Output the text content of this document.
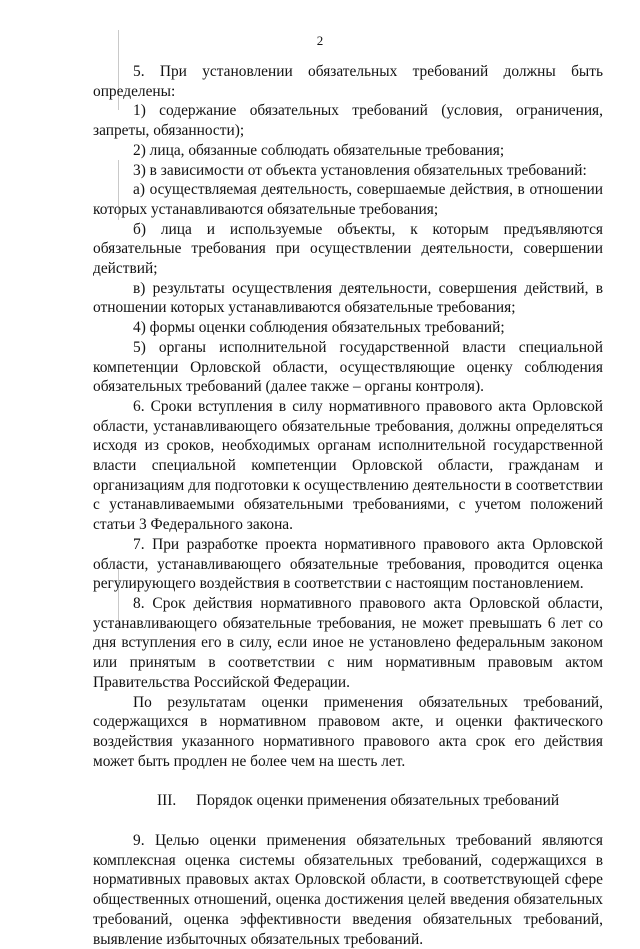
2

5. При установлении обязательных требований должны быть определены:

1) содержание обязательных требований (условия, ограничения, запреты, обязанности);

2) лица, обязанные соблюдать обязательные требования;

3) в зависимости от объекта установления обязательных требований:

а) осуществляемая деятельность, совершаемые действия, в отношении которых устанавливаются обязательные требования;

б) лица и используемые объекты, к которым предъявляются обязательные требования при осуществлении деятельности, совершении действий;

в) результаты осуществления деятельности, совершения действий, в отношении которых устанавливаются обязательные требования;

4) формы оценки соблюдения обязательных требований;

5) органы исполнительной государственной власти специальной компетенции Орловской области, осуществляющие оценку соблюдения обязательных требований (далее также – органы контроля).

6. Сроки вступления в силу нормативного правового акта Орловской области, устанавливающего обязательные требования, должны определяться исходя из сроков, необходимых органам исполнительной государственной власти специальной компетенции Орловской области, гражданам и организациям для подготовки к осуществлению деятельности в соответствии с устанавливаемыми обязательными требованиями, с учетом положений статьи 3 Федерального закона.

7. При разработке проекта нормативного правового акта Орловской области, устанавливающего обязательные требования, проводится оценка регулирующего воздействия в соответствии с настоящим постановлением.

8. Срок действия нормативного правового акта Орловской области, устанавливающего обязательные требования, не может превышать 6 лет со дня вступления его в силу, если иное не установлено федеральным законом или принятым в соответствии с ним нормативным правовым актом Правительства Российской Федерации.

По результатам оценки применения обязательных требований, содержащихся в нормативном правовом акте, и оценки фактического воздействия указанного нормативного правового акта срок его действия может быть продлен не более чем на шесть лет.

III. Порядок оценки применения обязательных требований

9. Целью оценки применения обязательных требований являются комплексная оценка системы обязательных требований, содержащихся в нормативных правовых актах Орловской области, в соответствующей сфере общественных отношений, оценка достижения целей введения обязательных требований, оценка эффективности введения обязательных требований, выявление избыточных обязательных требований.
